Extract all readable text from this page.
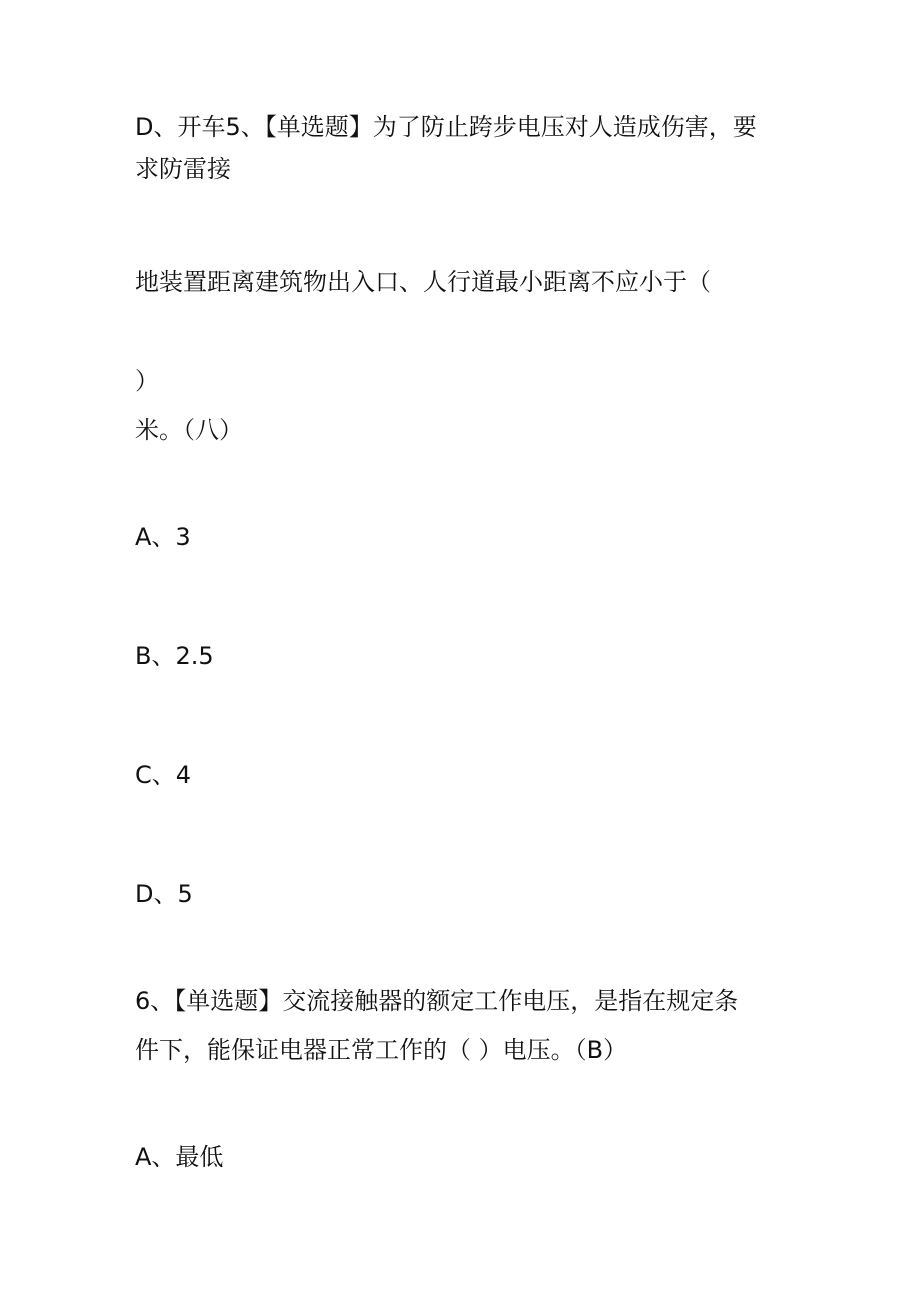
D、开车5、【单选题】为了防止跨步电压对人造成伤害，要

求防雷接

地装置距离建筑物出入口、人行道最小距离不应小于（

）

米。（八）

A、3

B、2.5

C、4

D、5

6、【单选题】交流接触器的额定工作电压，是指在规定条

件下，能保证电器正常工作的（ ）电压。（B）

A、最低
